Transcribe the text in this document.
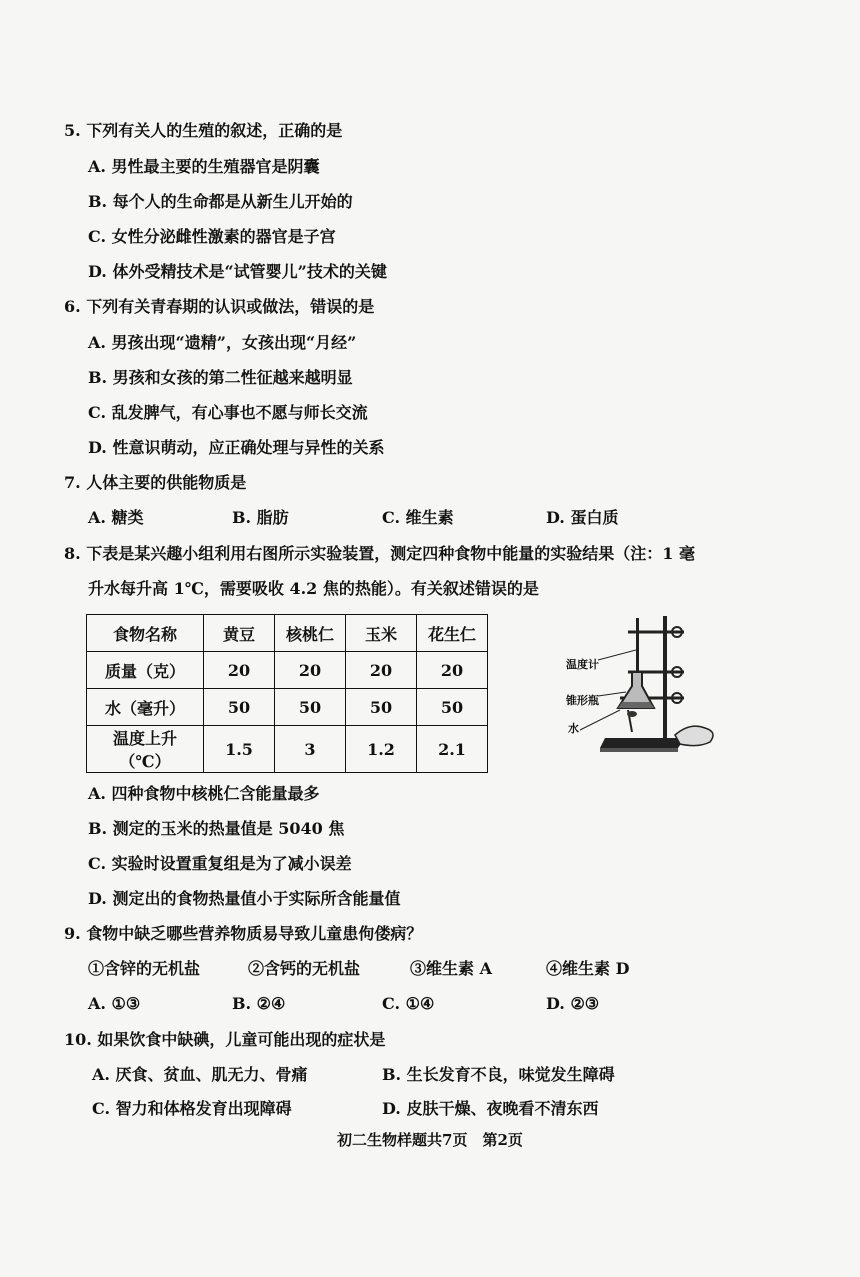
5. 下列有关人的生殖的叙述，正确的是
A. 男性最主要的生殖器官是阴囊
B. 每个人的生命都是从新生儿开始的
C. 女性分泌雌性激素的器官是子宫
D. 体外受精技术是“试管婴儿”技术的关键
6. 下列有关青春期的认识或做法，错误的是
A. 男孩出现“遗精”，女孩出现“月经”
B. 男孩和女孩的第二性征越来越明显
C. 乱发脾气，有心事也不愿与师长交流
D. 性意识萌动，应正确处理与异性的关系
7. 人体主要的供能物质是
A. 糖类	B. 脂肪	C. 维生素	D. 蛋白质
8. 下表是某兴趣小组利用右图所示实验装置，测定四种食物中能量的实验结果（注：1 毫
升水每升高 1℃，需要吸收 4.2 焦的热能）。有关叙述错误的是
食物名称	黄豆	核桃仁	玉米	花生仁
质量（克）	20	20	20	20
水（毫升）	50	50	50	50
温度上升（℃）	1.5	3	1.2	2.1
温度计
锥形瓶
水
A. 四种食物中核桃仁含能量最多
B. 测定的玉米的热量值是 5040 焦
C. 实验时设置重复组是为了减小误差
D. 测定出的食物热量值小于实际所含能量值
9. 食物中缺乏哪些营养物质易导致儿童患佝偻病？
①含锌的无机盐	②含钙的无机盐	③维生素 A	④维生素 D
A. ①③	B. ②④	C. ①④	D. ②③
10. 如果饮食中缺碘，儿童可能出现的症状是
A. 厌食、贫血、肌无力、骨痛	B. 生长发育不良，味觉发生障碍
C. 智力和体格发育出现障碍	D. 皮肤干燥、夜晚看不清东西
初二生物样题共7页　第2页
